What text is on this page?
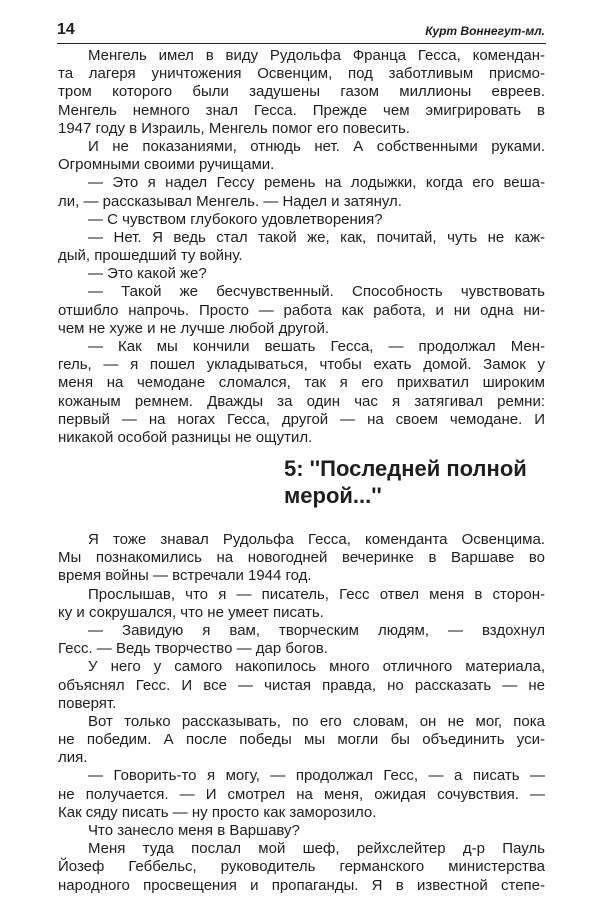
14	Курт Воннегут-мл.
Менгель имел в виду Рудольфа Франца Гесса, комендан-
та лагеря уничтожения Освенцим, под заботливым присмо-
тром которого были задушены газом миллионы евреев.
Менгель немного знал Гесса. Прежде чем эмигрировать в
1947 году в Израиль, Менгель помог его повесить.
И не показаниями, отнюдь нет. А собственными руками.
Огромными своими ручищами.
— Это я надел Гессу ремень на лодыжки, когда его веша-
ли, — рассказывал Менгель. — Надел и затянул.
— С чувством глубокого удовлетворения?
— Нет. Я ведь стал такой же, как, почитай, чуть не каж-
дый, прошедший ту войну.
— Это какой же?
— Такой же бесчувственный. Способность чувствовать
отшибло напрочь. Просто — работа как работа, и ни одна ни-
чем не хуже и не лучше любой другой.
— Как мы кончили вешать Гесса, — продолжал Мен-
гель, — я пошел укладываться, чтобы ехать домой. Замок у
меня на чемодане сломался, так я его прихватил широким
кожаным ремнем. Дважды за один час я затягивал ремни:
первый — на ногах Гесса, другой — на своем чемодане. И
никакой особой разницы не ощутил.
5: ''Последней полной
мерой...''
Я тоже знавал Рудольфа Гесса, коменданта Освенцима.
Мы познакомились на новогодней вечеринке в Варшаве во
время войны — встречали 1944 год.
Прослышав, что я — писатель, Гесс отвел меня в сторон-
ку и сокрушался, что не умеет писать.
— Завидую я вам, творческим людям, — вздохнул
Гесс. — Ведь творчество — дар богов.
У него у самого накопилось много отличного материала,
объяснял Гесс. И все — чистая правда, но рассказать — не
поверят.
Вот только рассказывать, по его словам, он не мог, пока
не победим. А после победы мы могли бы объединить уси-
лия.
— Говорить-то я могу, — продолжал Гесс, — а писать —
не получается. — И смотрел на меня, ожидая сочувствия. —
Как сяду писать — ну просто как заморозило.
Что занесло меня в Варшаву?
Меня туда послал мой шеф, рейхслейтер д-р Пауль
Йозеф Геббельс, руководитель германского министерства
народного просвещения и пропаганды. Я в известной степе-
